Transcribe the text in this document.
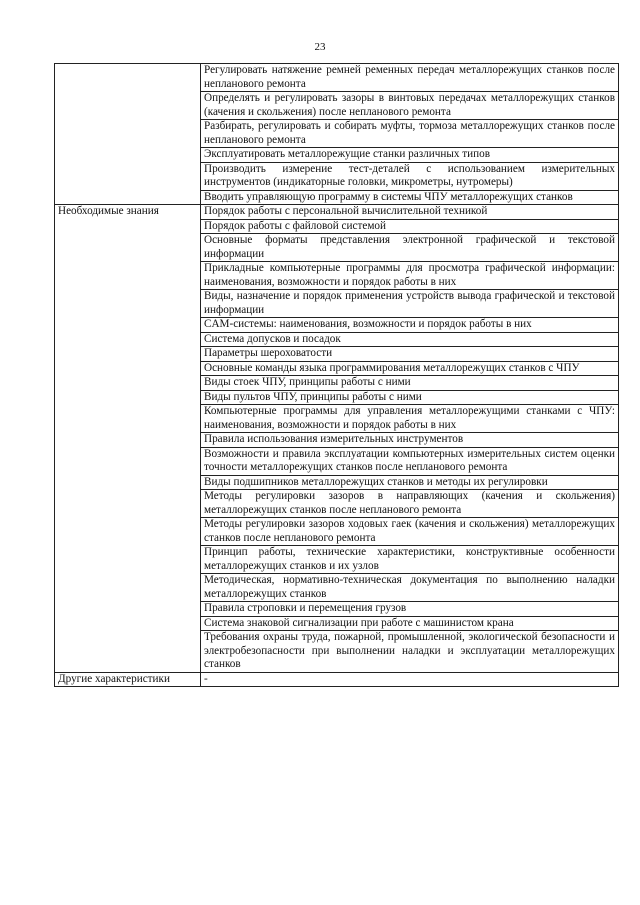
23
	Регулировать натяжение ремней ременных передач металлорежущих станков после непланового ремонта
	Определять и регулировать зазоры в винтовых передачах металлорежущих станков (качения и скольжения) после непланового ремонта
	Разбирать, регулировать и собирать муфты, тормоза металлорежущих станков после непланового ремонта
	Эксплуатировать металлорежущие станки различных типов
	Производить измерение тест-деталей с использованием измерительных инструментов (индикаторные головки, микрометры, нутромеры)
	Вводить управляющую программу в системы ЧПУ металлорежущих станков
Необходимые знания	Порядок работы с персональной вычислительной техникой
	Порядок работы с файловой системой
	Основные форматы представления электронной графической и текстовой информации
	Прикладные компьютерные программы для просмотра графической информации: наименования, возможности и порядок работы в них
	Виды, назначение и порядок применения устройств вывода графической и текстовой информации
	CAM-системы: наименования, возможности и порядок работы в них
	Система допусков и посадок
	Параметры шероховатости
	Основные команды языка программирования металлорежущих станков с ЧПУ
	Виды стоек ЧПУ, принципы работы с ними
	Виды пультов ЧПУ, принципы работы с ними
	Компьютерные программы для управления металлорежущими станками с ЧПУ: наименования, возможности и порядок работы в них
	Правила использования измерительных инструментов
	Возможности и правила эксплуатации компьютерных измерительных систем оценки точности металлорежущих станков после непланового ремонта
	Виды подшипников металлорежущих станков и методы их регулировки
	Методы регулировки зазоров в направляющих (качения и скольжения) металлорежущих станков после непланового ремонта
	Методы регулировки зазоров ходовых гаек (качения и скольжения) металлорежущих станков после непланового ремонта
	Принцип работы, технические характеристики, конструктивные особенности металлорежущих станков и их узлов
	Методическая, нормативно-техническая документация по выполнению наладки металлорежущих станков
	Правила строповки и перемещения грузов
	Система знаковой сигнализации при работе с машинистом крана
	Требования охраны труда, пожарной, промышленной, экологической безопасности и электробезопасности при выполнении наладки и эксплуатации металлорежущих станков
Другие характеристики	-
